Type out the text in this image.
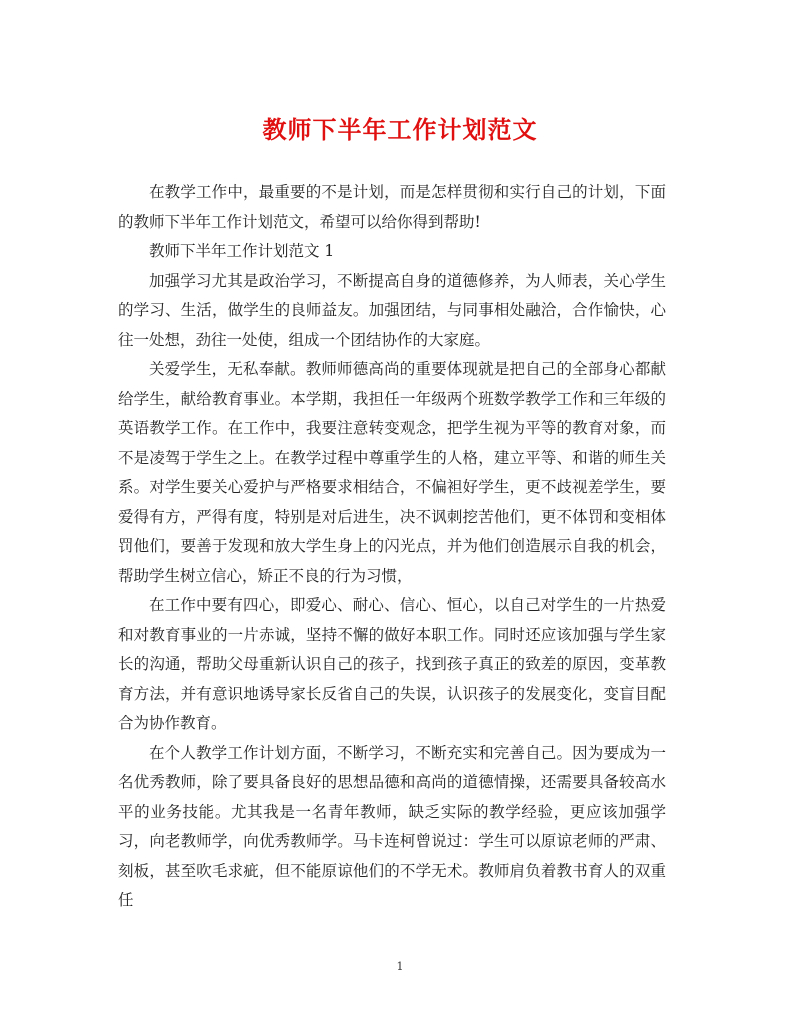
教师下半年工作计划范文

在教学工作中，最重要的不是计划，而是怎样贯彻和实行自己的计划，下面的教师下半年工作计划范文，希望可以给你得到帮助!

教师下半年工作计划范文 1

加强学习尤其是政治学习，不断提高自身的道德修养，为人师表，关心学生的学习、生活，做学生的良师益友。加强团结，与同事相处融洽，合作愉快，心往一处想，劲往一处使，组成一个团结协作的大家庭。

关爱学生，无私奉献。教师师德高尚的重要体现就是把自己的全部身心都献给学生，献给教育事业。本学期，我担任一年级两个班数学教学工作和三年级的英语教学工作。在工作中，我要注意转变观念，把学生视为平等的教育对象，而不是凌驾于学生之上。在教学过程中尊重学生的人格，建立平等、和谐的师生关系。对学生要关心爱护与严格要求相结合，不偏袒好学生，更不歧视差学生，要爱得有方，严得有度，特别是对后进生，决不讽刺挖苦他们，更不体罚和变相体罚他们，要善于发现和放大学生身上的闪光点，并为他们创造展示自我的机会，帮助学生树立信心，矫正不良的行为习惯，

在工作中要有四心，即爱心、耐心、信心、恒心，以自己对学生的一片热爱和对教育事业的一片赤诚，坚持不懈的做好本职工作。同时还应该加强与学生家长的沟通，帮助父母重新认识自己的孩子，找到孩子真正的致差的原因，变革教育方法，并有意识地诱导家长反省自己的失误，认识孩子的发展变化，变盲目配合为协作教育。

在个人教学工作计划方面，不断学习，不断充实和完善自己。因为要成为一名优秀教师，除了要具备良好的思想品德和高尚的道德情操，还需要具备较高水平的业务技能。尤其我是一名青年教师，缺乏实际的教学经验，更应该加强学习，向老教师学，向优秀教师学。马卡连柯曾说过：学生可以原谅老师的严肃、刻板，甚至吹毛求疵，但不能原谅他们的不学无术。教师肩负着教书育人的双重任

1
